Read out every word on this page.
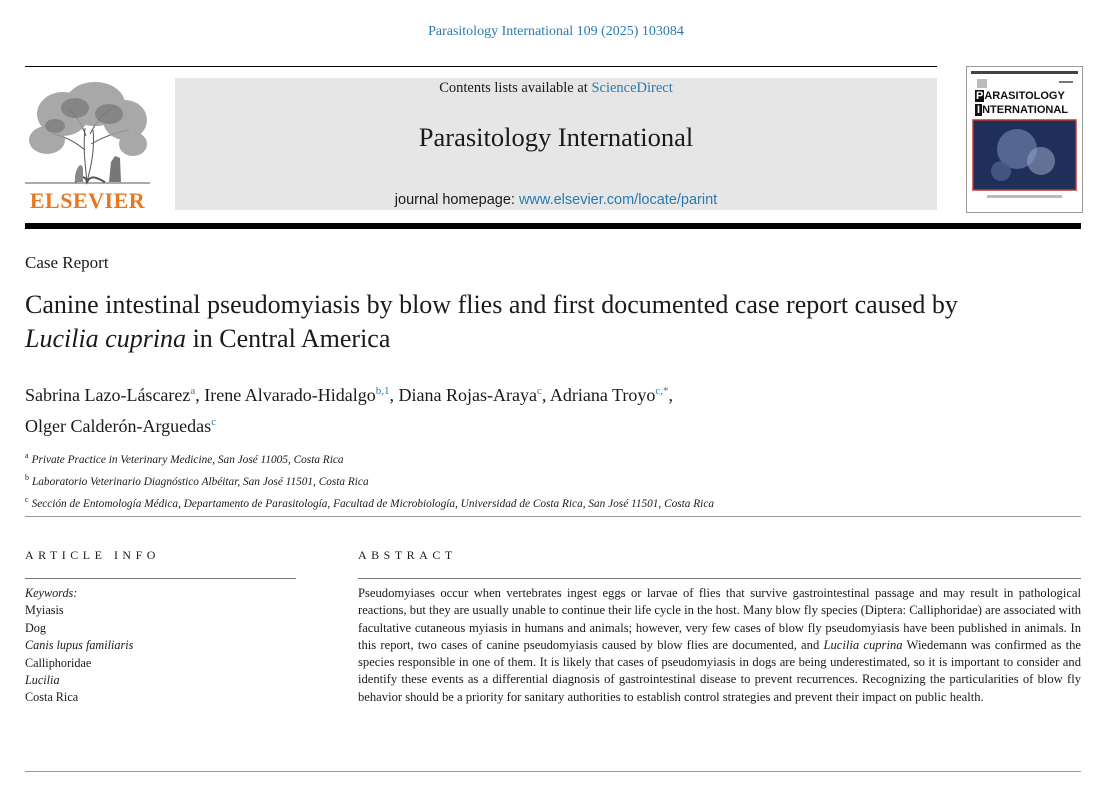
Parasitology International 109 (2025) 103084
ELSEVIER
Contents lists available at ScienceDirect
Parasitology International
journal homepage: www.elsevier.com/locate/parint
PARASITOLOGY
I NTERNATIONAL
Case Report
Canine intestinal pseudomyiasis by blow flies and first documented case report caused by Lucilia cuprina in Central America
Sabrina Lazo-Láscarez$^a$, Irene Alvarado-Hidalgo$^{b,1}$, Diana Rojas-Araya$^c$, Adriana Troyo$^{c,*}$,
Olger Calderón-Arguedas$^c$
$^a$ Private Practice in Veterinary Medicine, San José 11005, Costa Rica
$^b$ Laboratorio Veterinario Diagnóstico Albéitar, San José 11501, Costa Rica
$^c$ Sección de Entomología Médica, Departamento de Parasitología, Facultad de Microbiología, Universidad de Costa Rica, San José 11501, Costa Rica
ARTICLE INFO	ABSTRACT
Keywords:
Myiasis
Dog
Canis lupus familiaris
Calliphoridae
Lucilia
Costa Rica
Pseudomyiases occur when vertebrates ingest eggs or larvae of flies that survive gastrointestinal passage and may result in pathological reactions, but they are usually unable to continue their life cycle in the host. Many blow fly species (Diptera: Calliphoridae) are associated with facultative cutaneous myiasis in humans and animals; however, very few cases of blow fly pseudomyiasis have been published in animals. In this report, two cases of canine pseudomyiasis caused by blow flies are documented, and Lucilia cuprina Wiedemann was confirmed as the species responsible in one of them. It is likely that cases of pseudomyiasis in dogs are being underestimated, so it is important to consider and identify these events as a differential diagnosis of gastrointestinal disease to prevent recurrences. Recognizing the particularities of blow fly behavior should be a priority for sanitary authorities to establish control strategies and prevent their impact on public health.
